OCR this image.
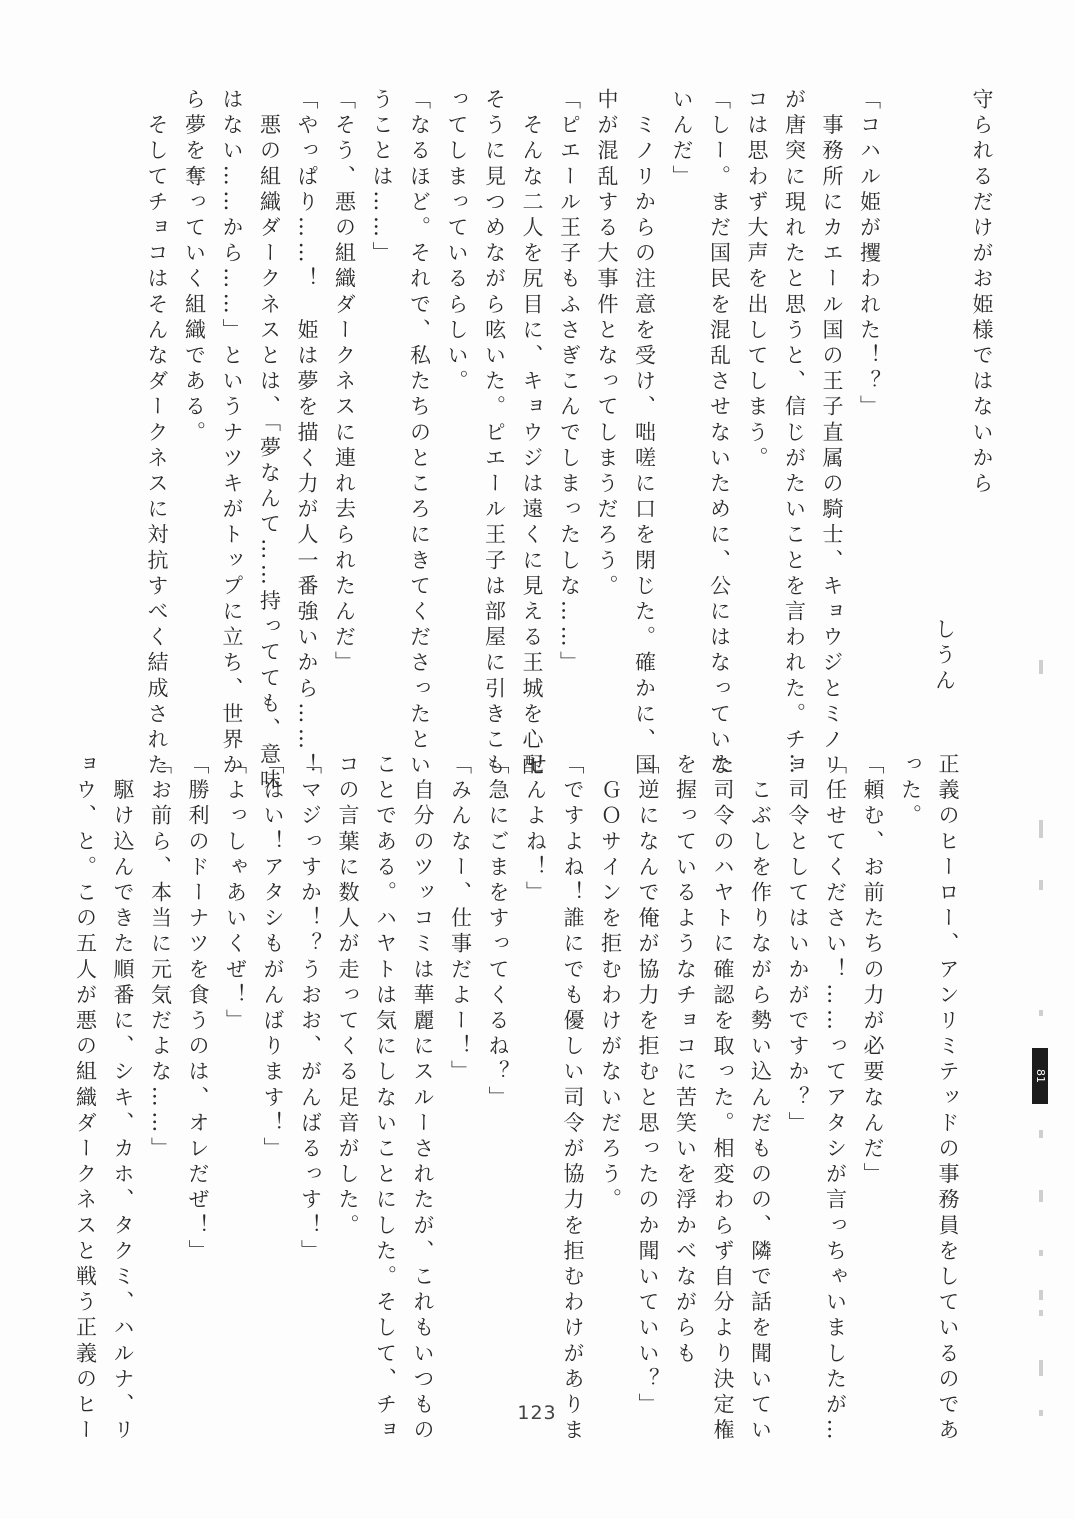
守られるだけがお姫様ではないから
しうん
「コハル姫が攫われた！？」
　事務所にカエール国の王子直属の騎士、キョウジとミノリ
が唐突に現れたと思うと、信じがたいことを言われた。チョ
コは思わず大声を出してしまう。
「しー。まだ国民を混乱させないために、公にはなっていな
いんだ」
　ミノリからの注意を受け、咄嗟に口を閉じた。確かに、国
中が混乱する大事件となってしまうだろう。
「ピエール王子もふさぎこんでしまったしな……」
　そんな二人を尻目に、キョウジは遠くに見える王城を心配
そうに見つめながら呟いた。ピエール王子は部屋に引きこも
ってしまっているらしい。
「なるほど。それで、私たちのところにきてくださったとい
うことは……」
「そう、悪の組織ダークネスに連れ去られたんだ」
「やっぱり……！　姫は夢を描く力が人一番強いから……！
　悪の組織ダークネスとは、「夢なんて……持ってても、意味
はない……から……」というナツキがトップに立ち、世界か
ら夢を奪っていく組織である。
　そしてチョコはそんなダークネスに対抗すべく結成された
正義のヒーロー、アンリミテッドの事務員をしているのであ
った。
「頼む、お前たちの力が必要なんだ」
「任せてください！……ってアタシが言っちゃいましたが…
…司令としてはいかがですか？」
　こぶしを作りながら勢い込んだものの、隣で話を聞いてい
た司令のハヤトに確認を取った。相変わらず自分より決定権
を握っているようなチョコに苦笑いを浮かべながらも
「逆になんで俺が協力を拒むと思ったのか聞いていい？」
　ＧＯサインを拒むわけがないだろう。
「ですよね！誰にでも優しい司令が協力を拒むわけがありま
せんよね！」
「急にごまをすってくるね？」
「みんなー、仕事だよー！」
　自分のツッコミは華麗にスルーされたが、これもいつもの
ことである。ハヤトは気にしないことにした。そして、チョ
コの言葉に数人が走ってくる足音がした。
「マジっすか！？うおお、がんばるっす！」
「はい！アタシもがんばります！」
「よっしゃあいくぜ！」
「勝利のドーナツを食うのは、オレだぜ！」
「お前ら、本当に元気だよな……」
　駆け込んできた順番に、シキ、カホ、タクミ、ハルナ、リ
ョウ、と。この五人が悪の組織ダークネスと戦う正義のヒー	123
81
